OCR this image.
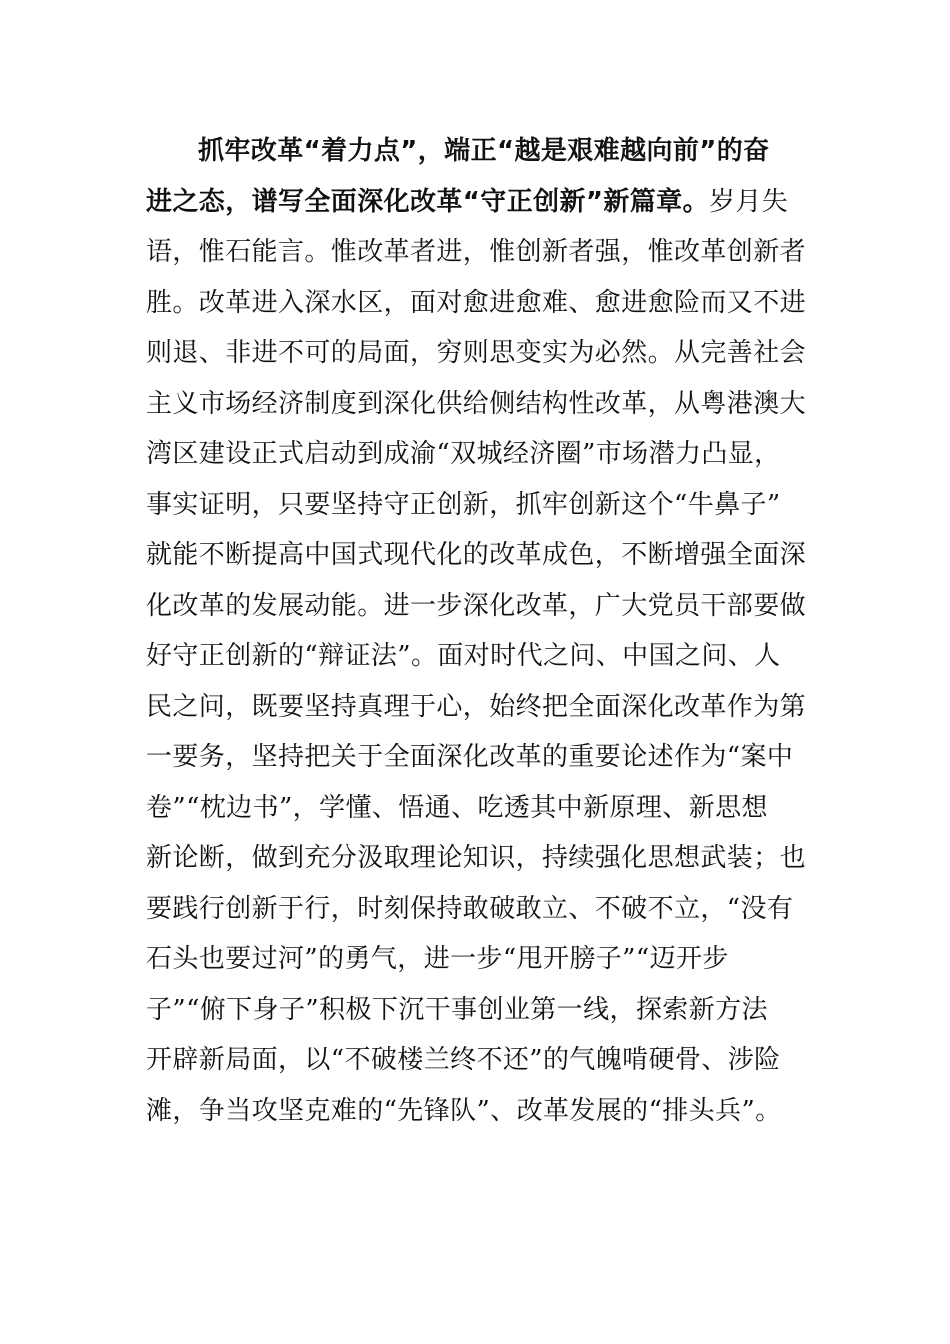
抓牢改革“着力点”，端正“越是艰难越向前”的奋
进之态，谱写全面深化改革“守正创新”新篇章。岁月失
语，惟石能言。惟改革者进，惟创新者强，惟改革创新者
胜。改革进入深水区，面对愈进愈难、愈进愈险而又不进
则退、非进不可的局面，穷则思变实为必然。从完善社会
主义市场经济制度到深化供给侧结构性改革，从粤港澳大
湾区建设正式启动到成渝“双城经济圈”市场潜力凸显，
事实证明，只要坚持守正创新，抓牢创新这个“牛鼻子”
就能不断提高中国式现代化的改革成色，不断增强全面深
化改革的发展动能。进一步深化改革，广大党员干部要做
好守正创新的“辩证法”。面对时代之问、中国之问、人
民之问，既要坚持真理于心，始终把全面深化改革作为第
一要务，坚持把关于全面深化改革的重要论述作为“案中
卷”“枕边书”，学懂、悟通、吃透其中新原理、新思想
新论断，做到充分汲取理论知识，持续强化思想武装；也
要践行创新于行，时刻保持敢破敢立、不破不立，“没有
石头也要过河”的勇气，进一步“甩开膀子”“迈开步
子”“俯下身子”积极下沉干事创业第一线，探索新方法
开辟新局面，以“不破楼兰终不还”的气魄啃硬骨、涉险
滩，争当攻坚克难的“先锋队”、改革发展的“排头兵”。
